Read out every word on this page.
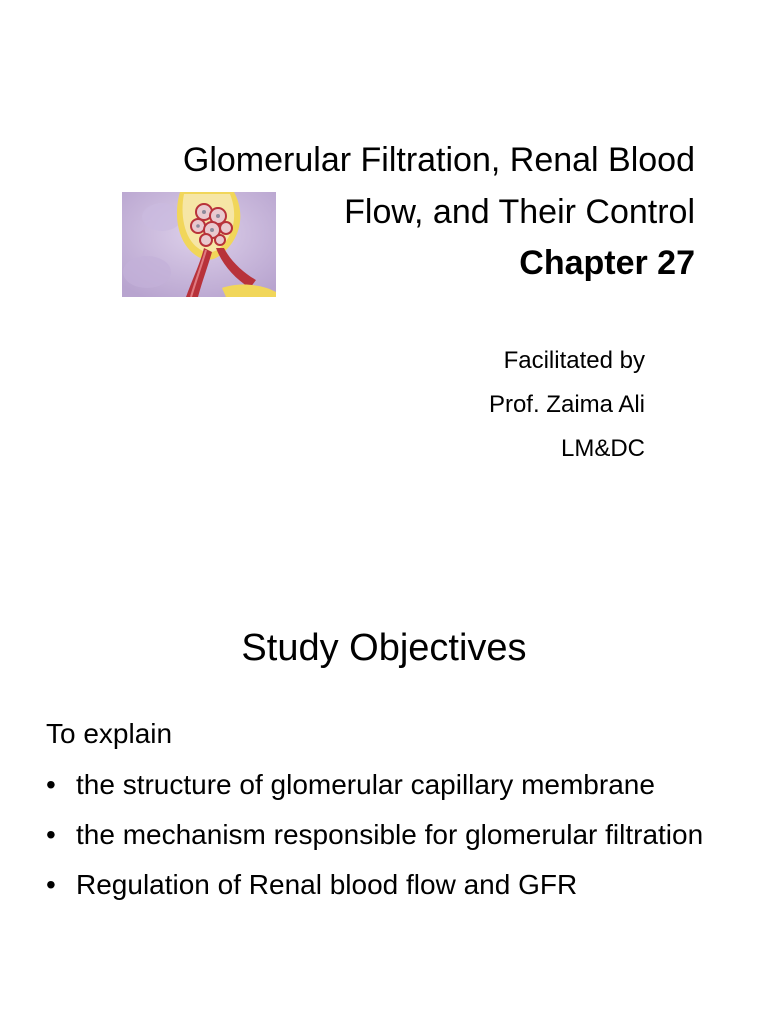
Glomerular Filtration, Renal Blood
Flow, and Their Control
Chapter 27
Facilitated by
Prof. Zaima Ali
LM&DC
Study Objectives
To explain
• the structure of glomerular capillary membrane
• the mechanism responsible for glomerular filtration
• Regulation of Renal blood flow and GFR
